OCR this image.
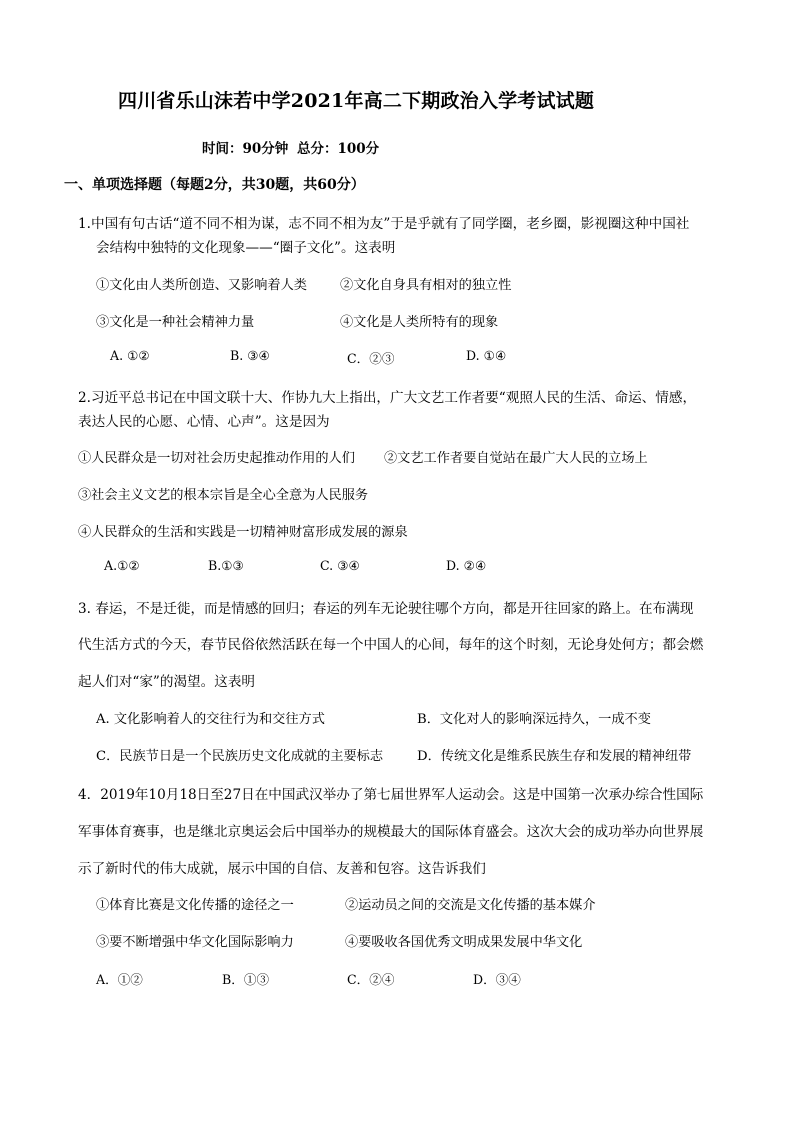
四川省乐山沫若中学2021年高二下期政治入学考试试题
时间：90分钟 总分：100分
一、单项选择题（每题2分，共30题，共60分）
1.中国有句古话“道不同不相为谋，志不同不相为友”于是乎就有了同学圈，老乡圈，影视圈这种中国社
会结构中独特的文化现象——“圈子文化”。这表明
①文化由人类所创造、又影响着人类	②文化自身具有相对的独立性
③文化是一种社会精神力量	④文化是人类所特有的现象
A. ①②	B. ③④	C．②③	D. ①④
2.习近平总书记在中国文联十大、作协九大上指出，广大文艺工作者要“观照人民的生活、命运、情感，
表达人民的心愿、心情、心声”。这是因为
①人民群众是一切对社会历史起推动作用的人们 ②文艺工作者要自觉站在最广大人民的立场上
③社会主义文艺的根本宗旨是全心全意为人民服务
④人民群众的生活和实践是一切精神财富形成发展的源泉
A.①②	B.①③	C. ③④	D. ②④
3. 春运，不是迁徙，而是情感的回归；春运的列车无论驶往哪个方向，都是开往回家的路上。在布满现
代生活方式的今天，春节民俗依然活跃在每一个中国人的心间，每年的这个时刻，无论身处何方；都会燃
起人们对“家”的渴望。这表明
A. 文化影响着人的交往行为和交往方式	B．文化对人的影响深远持久，一成不变
C．民族节日是一个民族历史文化成就的主要标志	D．传统文化是维系民族生存和发展的精神纽带
4．2019年10月18日至27日在中国武汉举办了第七届世界军人运动会。这是中国第一次承办综合性国际
军事体育赛事，也是继北京奥运会后中国举办的规模最大的国际体育盛会。这次大会的成功举办向世界展
示了新时代的伟大成就，展示中国的自信、友善和包容。这告诉我们
①体育比赛是文化传播的途径之一	②运动员之间的交流是文化传播的基本媒介
③要不断增强中华文化国际影响力	④要吸收各国优秀文明成果发展中华文化
A．①②	B．①③	C．②④	D．③④
